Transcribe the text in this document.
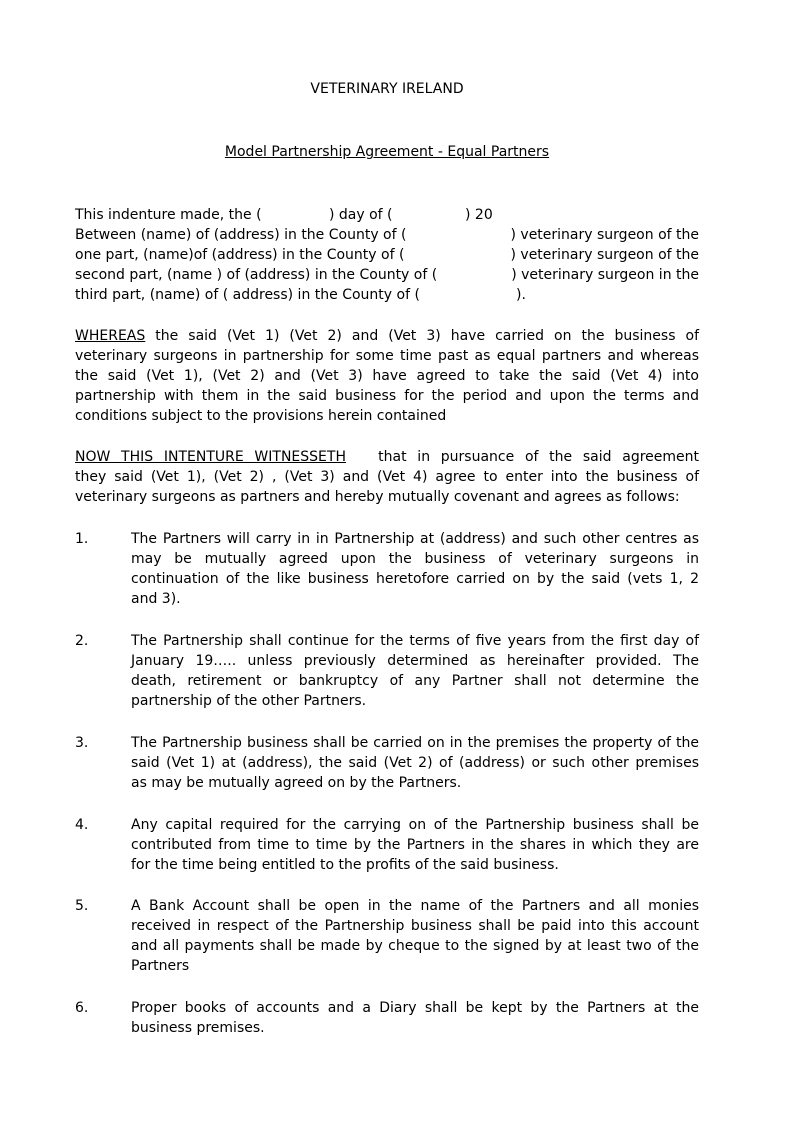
VETERINARY IRELAND
Model Partnership Agreement - Equal Partners
This indenture made, the (	) day of (	) 20
Between (name) of (address) in the County of (	) veterinary surgeon of the
one part, (name)of (address) in the County of (	) veterinary surgeon of the
second part, (name ) of (address) in the County of (	) veterinary surgeon in the
third part, (name) of ( address) in the County of (	).
WHEREAS the said (Vet 1) (Vet 2) and (Vet 3) have carried on the business of
veterinary surgeons in partnership for some time past as equal partners and whereas
the said (Vet 1), (Vet 2) and (Vet 3) have agreed to take the said (Vet 4) into
partnership with them in the said business for the period and upon the terms and
conditions subject to the provisions herein contained
NOW THIS INTENTURE WITNESSETH that in pursuance of the said agreement
they said (Vet 1), (Vet 2) , (Vet 3) and (Vet 4) agree to enter into the business of
veterinary surgeons as partners and hereby mutually covenant and agrees as follows:
1.	The Partners will carry in in Partnership at (address) and such other centres as
may be mutually agreed upon the business of veterinary surgeons in
continuation of the like business heretofore carried on by the said (vets 1, 2
and 3).
2.	The Partnership shall continue for the terms of five years from the first day of
January 19….. unless previously determined as hereinafter provided. The
death, retirement or bankruptcy of any Partner shall not determine the
partnership of the other Partners.
3.	The Partnership business shall be carried on in the premises the property of the
said (Vet 1) at (address), the said (Vet 2) of (address) or such other premises
as may be mutually agreed on by the Partners.
4.	Any capital required for the carrying on of the Partnership business shall be
contributed from time to time by the Partners in the shares in which they are
for the time being entitled to the profits of the said business.
5.	A Bank Account shall be open in the name of the Partners and all monies
received in respect of the Partnership business shall be paid into this account
and all payments shall be made by cheque to the signed by at least two of the
Partners
6.	Proper books of accounts and a Diary shall be kept by the Partners at the
business premises.
